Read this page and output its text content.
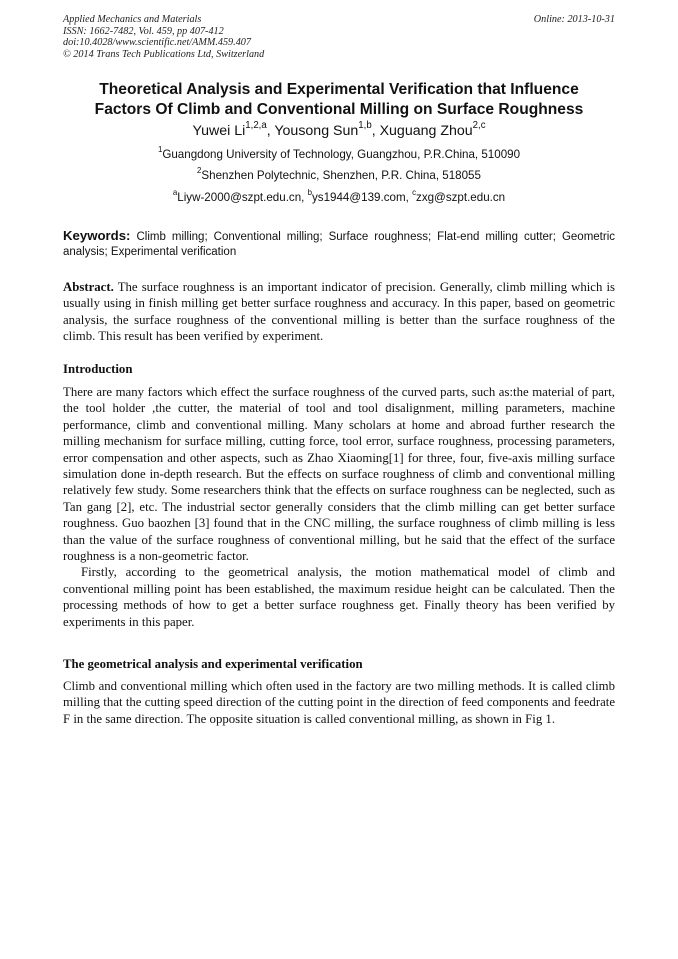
Applied Mechanics and Materials
ISSN: 1662-7482, Vol. 459, pp 407-412
doi:10.4028/www.scientific.net/AMM.459.407
© 2014 Trans Tech Publications Ltd, Switzerland
Online: 2013-10-31
Theoretical Analysis and Experimental Verification that Influence
Factors Of Climb and Conventional Milling on Surface Roughness
Yuwei Li$^{1,2,a}$, Yousong Sun$^{1,b}$, Xuguang Zhou$^{2,c}$
$^1$Guangdong University of Technology, Guangzhou, P.R.China, 510090
$^2$Shenzhen Polytechnic, Shenzhen, P.R. China, 518055
$^a$Liyw-2000@szpt.edu.cn, $^b$ys1944@139.com, $^c$zxg@szpt.edu.cn
Keywords: Climb milling; Conventional milling; Surface roughness; Flat-end milling cutter; Geometric analysis; Experimental verification

Abstract. The surface roughness is an important indicator of precision. Generally, climb milling which is usually using in finish milling get better surface roughness and accuracy. In this paper, based on geometric analysis, the surface roughness of the conventional milling is better than the surface roughness of the climb. This result has been verified by experiment.

Introduction

There are many factors which effect the surface roughness of the curved parts, such as:the material of part, the tool holder ,the cutter, the material of tool and tool disalignment, milling parameters, machine performance, climb and conventional milling. Many scholars at home and abroad further research the milling mechanism for surface milling, cutting force, tool error, surface roughness, processing parameters, error compensation and other aspects, such as Zhao Xiaoming[1] for three, four, five-axis milling surface simulation done in-depth research. But the effects on surface roughness of climb and conventional milling relatively few study. Some researchers think that the effects on surface roughness can be neglected, such as Tan gang [2], etc. The industrial sector generally considers that the climb milling can get better surface roughness. Guo baozhen [3] found that in the CNC milling, the surface roughness of climb milling is less than the value of the surface roughness of conventional milling, but he said that the effect of the surface roughness is a non-geometric factor.

Firstly, according to the geometrical analysis, the motion mathematical model of climb and conventional milling point has been established, the maximum residue height can be calculated. Then the processing methods of how to get a better surface roughness get. Finally theory has been verified by experiments in this paper.

The geometrical analysis and experimental verification

Climb and conventional milling which often used in the factory are two milling methods. It is called climb milling that the cutting speed direction of the cutting point in the direction of feed components and feedrate F in the same direction. The opposite situation is called conventional milling, as shown in Fig 1.
